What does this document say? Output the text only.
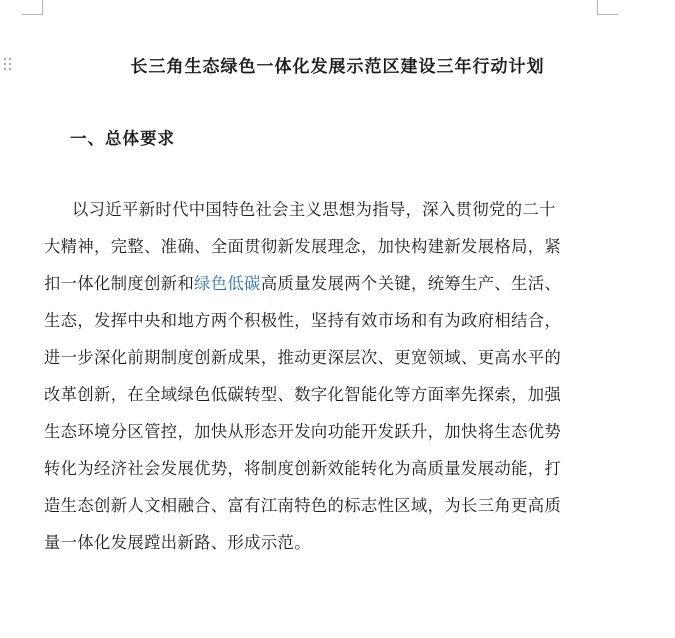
长三角生态绿色一体化发展示范区建设三年行动计划
一、总体要求
以习近平新时代中国特色社会主义思想为指导，深入贯彻党的二十
大精神，完整、准确、全面贯彻新发展理念，加快构建新发展格局，紧
扣一体化制度创新和绿色低碳高质量发展两个关键，统筹生产、生活、
生态，发挥中央和地方两个积极性，坚持有效市场和有为政府相结合，
进一步深化前期制度创新成果，推动更深层次、更宽领域、更高水平的
改革创新，在全域绿色低碳转型、数字化智能化等方面率先探索，加强
生态环境分区管控，加快从形态开发向功能开发跃升，加快将生态优势
转化为经济社会发展优势，将制度创新效能转化为高质量发展动能，打
造生态创新人文相融合、富有江南特色的标志性区域，为长三角更高质
量一体化发展蹚出新路、形成示范。
